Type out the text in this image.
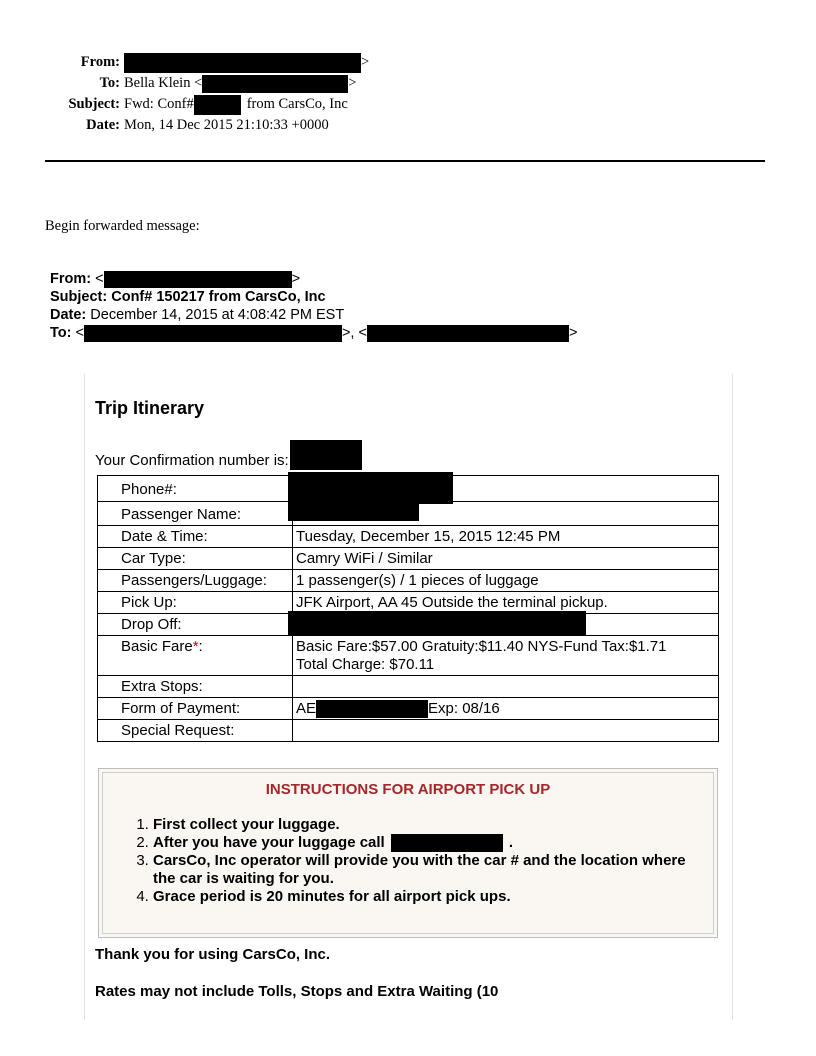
From:	>
To: Bella Klein <	>
Subject: Fwd: Conf#	from CarsCo, Inc
Date: Mon, 14 Dec 2015 21:10:33 +0000
Begin forwarded message:
From: <	>
Subject: Conf# 150217 from CarsCo, Inc
Date: December 14, 2015 at 4:08:42 PM EST
To: <	>, <	>
Trip Itinerary
Your Confirmation number is:
Phone#:	

Passenger Name:	

Date & Time:	Tuesday, December 15, 2015 12:45 PM
Car Type:	Camry WiFi / Similar
Passengers/Luggage:	1 passenger(s) / 1 pieces of luggage
Pick Up:	JFK Airport, AA 45 Outside the terminal pickup.
Drop Off:	

Basic Fare*:	Basic Fare:$57.00 Gratuity:$11.40 NYS-Fund Tax:$1.71
Total Charge: $70.11

Extra Stops:	
Form of Payment:	AE Exp: 08/16
Special Request:	
INSTRUCTIONS FOR AIRPORT PICK UP
1. First collect your luggage.
2. After you have your luggage call	.
3. CarsCo, Inc operator will provide you with the car # and the location where the car is waiting for you.
4. Grace period is 20 minutes for all airport pick ups.
Thank you for using CarsCo, Inc.
Rates may not include Tolls, Stops and Extra Waiting (10
